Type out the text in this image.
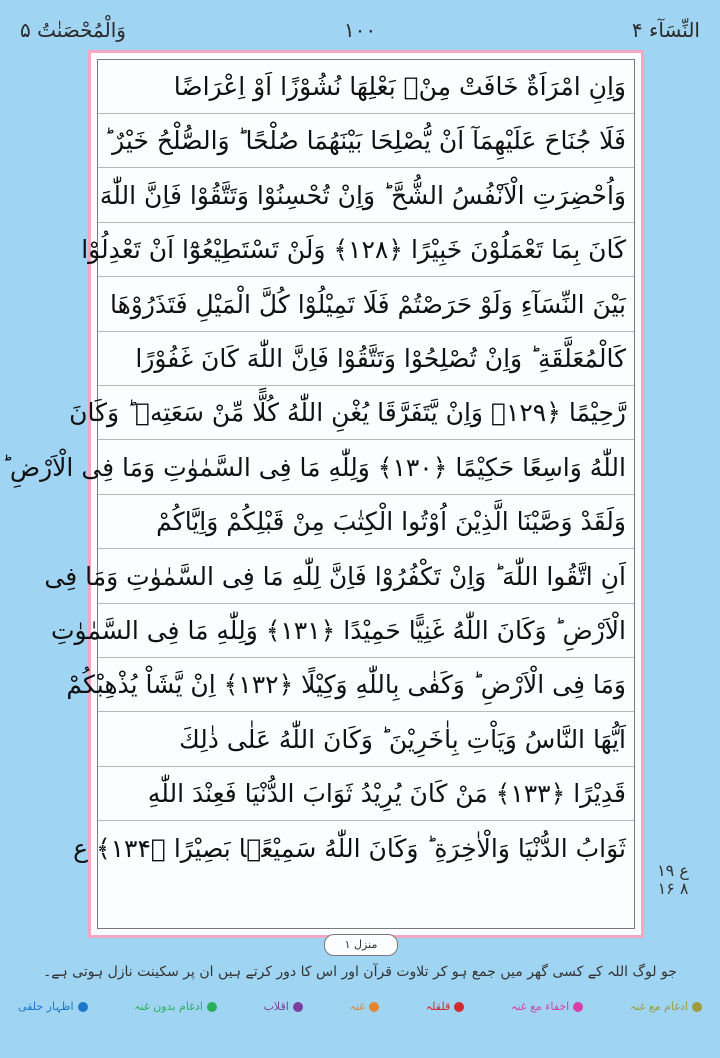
النِّسَآء ۴
۱۰۰
وَالْمُحْصَنٰتُ ۵
وَاِنِ امْرَاَةٌ خَافَتْ مِنْۢ بَعْلِهَا نُشُوْزًا اَوْ اِعْرَاضًا
فَلَا جُنَاحَ عَلَيْهِمَآ اَنْ يُّصْلِحَا بَيْنَهُمَا صُلْحًا ؕ وَالصُّلْحُ خَيْرٌ ؕ
وَاُحْضِرَتِ الْاَنْفُسُ الشُّحَّ ؕ وَاِنْ تُحْسِنُوْا وَتَتَّقُوْا فَاِنَّ اللّٰهَ
كَانَ بِمَا تَعْمَلُوْنَ خَبِيْرًا ﴿۱۲۸﴾ وَلَنْ تَسْتَطِيْعُوْٓا اَنْ تَعْدِلُوْا
بَيْنَ النِّسَآءِ وَلَوْ حَرَصْتُمْ فَلَا تَمِيْلُوْا كُلَّ الْمَيْلِ فَتَذَرُوْهَا
كَالْمُعَلَّقَةِ ؕ وَاِنْ تُصْلِحُوْا وَتَتَّقُوْا فَاِنَّ اللّٰهَ كَانَ غَفُوْرًا
رَّحِيْمًا ﴿۱۲۹﴾ وَاِنْ يَّتَفَرَّقَا يُغْنِ اللّٰهُ كُلًّا مِّنْ سَعَتِهٖ ؕ وَكَانَ
اللّٰهُ وَاسِعًا حَكِيْمًا ﴿۱۳۰﴾ وَلِلّٰهِ مَا فِى السَّمٰوٰتِ وَمَا فِى الْاَرْضِ ؕ
وَلَقَدْ وَصَّيْنَا الَّذِيْنَ اُوْتُوا الْكِتٰبَ مِنْ قَبْلِكُمْ وَاِيَّاكُمْ
اَنِ اتَّقُوا اللّٰهَ ؕ وَاِنْ تَكْفُرُوْا فَاِنَّ لِلّٰهِ مَا فِى السَّمٰوٰتِ وَمَا فِى
الْاَرْضِ ؕ وَكَانَ اللّٰهُ غَنِيًّا حَمِيْدًا ﴿۱۳۱﴾ وَلِلّٰهِ مَا فِى السَّمٰوٰتِ
وَمَا فِى الْاَرْضِ ؕ وَكَفٰى بِاللّٰهِ وَكِيْلًا ﴿۱۳۲﴾ اِنْ يَّشَاْ يُذْهِبْكُمْ
اَيُّهَا النَّاسُ وَيَاْتِ بِاٰخَرِيْنَ ؕ وَكَانَ اللّٰهُ عَلٰى ذٰلِكَ
قَدِيْرًا ﴿۱۳۳﴾ مَنْ كَانَ يُرِيْدُ ثَوَابَ الدُّنْيَا فَعِنْدَ اللّٰهِ
ثَوَابُ الدُّنْيَا وَالْاٰخِرَةِ ؕ وَكَانَ اللّٰهُ سَمِيْعًۢا بَصِيْرًا ﴿۱۳۴﴾ ع
ع ۱۹ ۸ ۱۶
منزل ۱
جو لوگ اللہ کے کسی گھر میں جمع ہو کر تلاوت قرآن اور اس کا دور کرتے ہیں ان پر سکینت نازل ہوتی ہے۔
ادغام مع غنہ
اخفاء مع غنہ
قلقلہ
غنہ
اقلاب
ادغام بدون غنہ
اظہار حلقی
